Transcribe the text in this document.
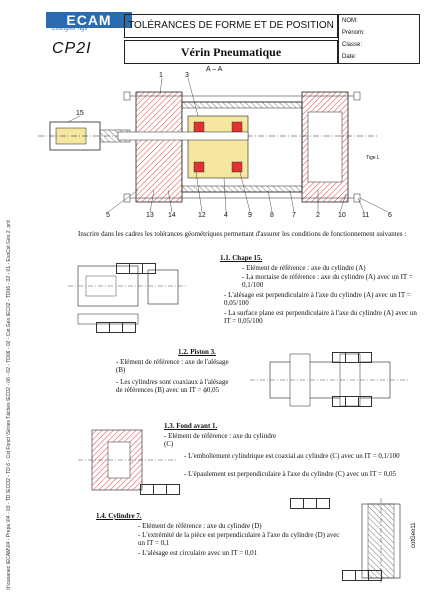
ECAM
Enseigner Agir
CP2I
TOLÉRANCES DE FORME ET DE POSITION
Vérin Pneumatique
NOM:
Prénom:
Classe:
Date:
A – A
1	3
15
Tige L
5	13 14	12	4	9	8	7	2	10 11	6
Inscrire dans les cadres les tolérances géométriques permettant d'assurer les conditions de fonctionnement suivantes :
1.1. Chape 15.
- Elément de référence : axe du cylindre (A)
- La mortaise de référence : axe du cylindre (A) avec un IT = 0,1/100
- L'alésage est perpendiculaire à l'axe du cylindre (A) avec un IT = 0,05/100
- La surface plane est perpendiculaire à l'axe du cylindre (A) avec un IT = 0,05/100
1.2. Piston 3.
- Elément de référence : axe de l'alésage (B)
- Les cylindres sont coaxiaux à l'alésage de références (B) avec un IT = ϕ0,05
1.3. Fond avant 1.
- Elément de référence : axe du cylindre (C)
- L'emboîtement cylindrique est coaxial au cylindre (C) avec un IT = 0,1/100
- L'épaulement est perpendiculaire à l'axe du cylindre (C) avec un IT = 0,05
1.4. Cylindre 7.
- Elément de référence : axe du cylindre (D)
- L'extrémité de la pièce est perpendiculaire à l'axe du cylindre (D) avec un IT = 0,1
- L'alésage est circulaire avec un IT = 0,01
cotGeo11
d:\casanec \ECAM\04 - Prepa \04 - 03 - TD \ECO2 - TD 6 - Cst Fonct \Séries Tâches \EC02 - 06 - 02 - TD06 - 02 - Cst Géo \EC02 - TD06 - 02 - 01 - ExoCst Géo 2 .prd
